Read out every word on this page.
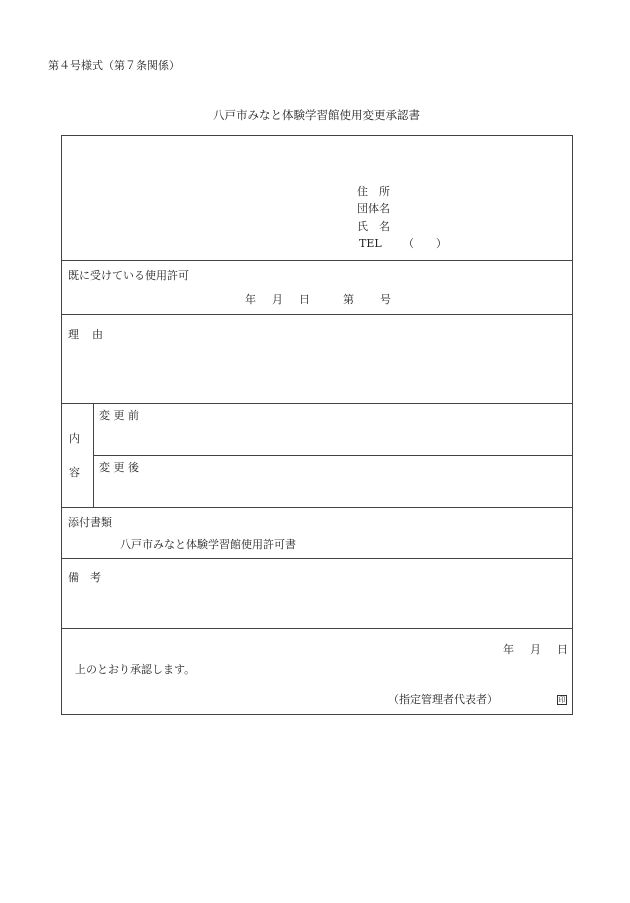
第４号様式（第７条関係）
八戸市みなと体験学習館使用変更承認書
住　所
団体名
氏　名
TEL （　　）
既に受けている使用許可
年 月 日	第 号
理　由
内
容
変 更 前
変 更 後
添付書類
八戸市みなと体験学習館使用許可書
備　考
年 月 日
上のとおり承認します。
（指定管理者代表者）	印
